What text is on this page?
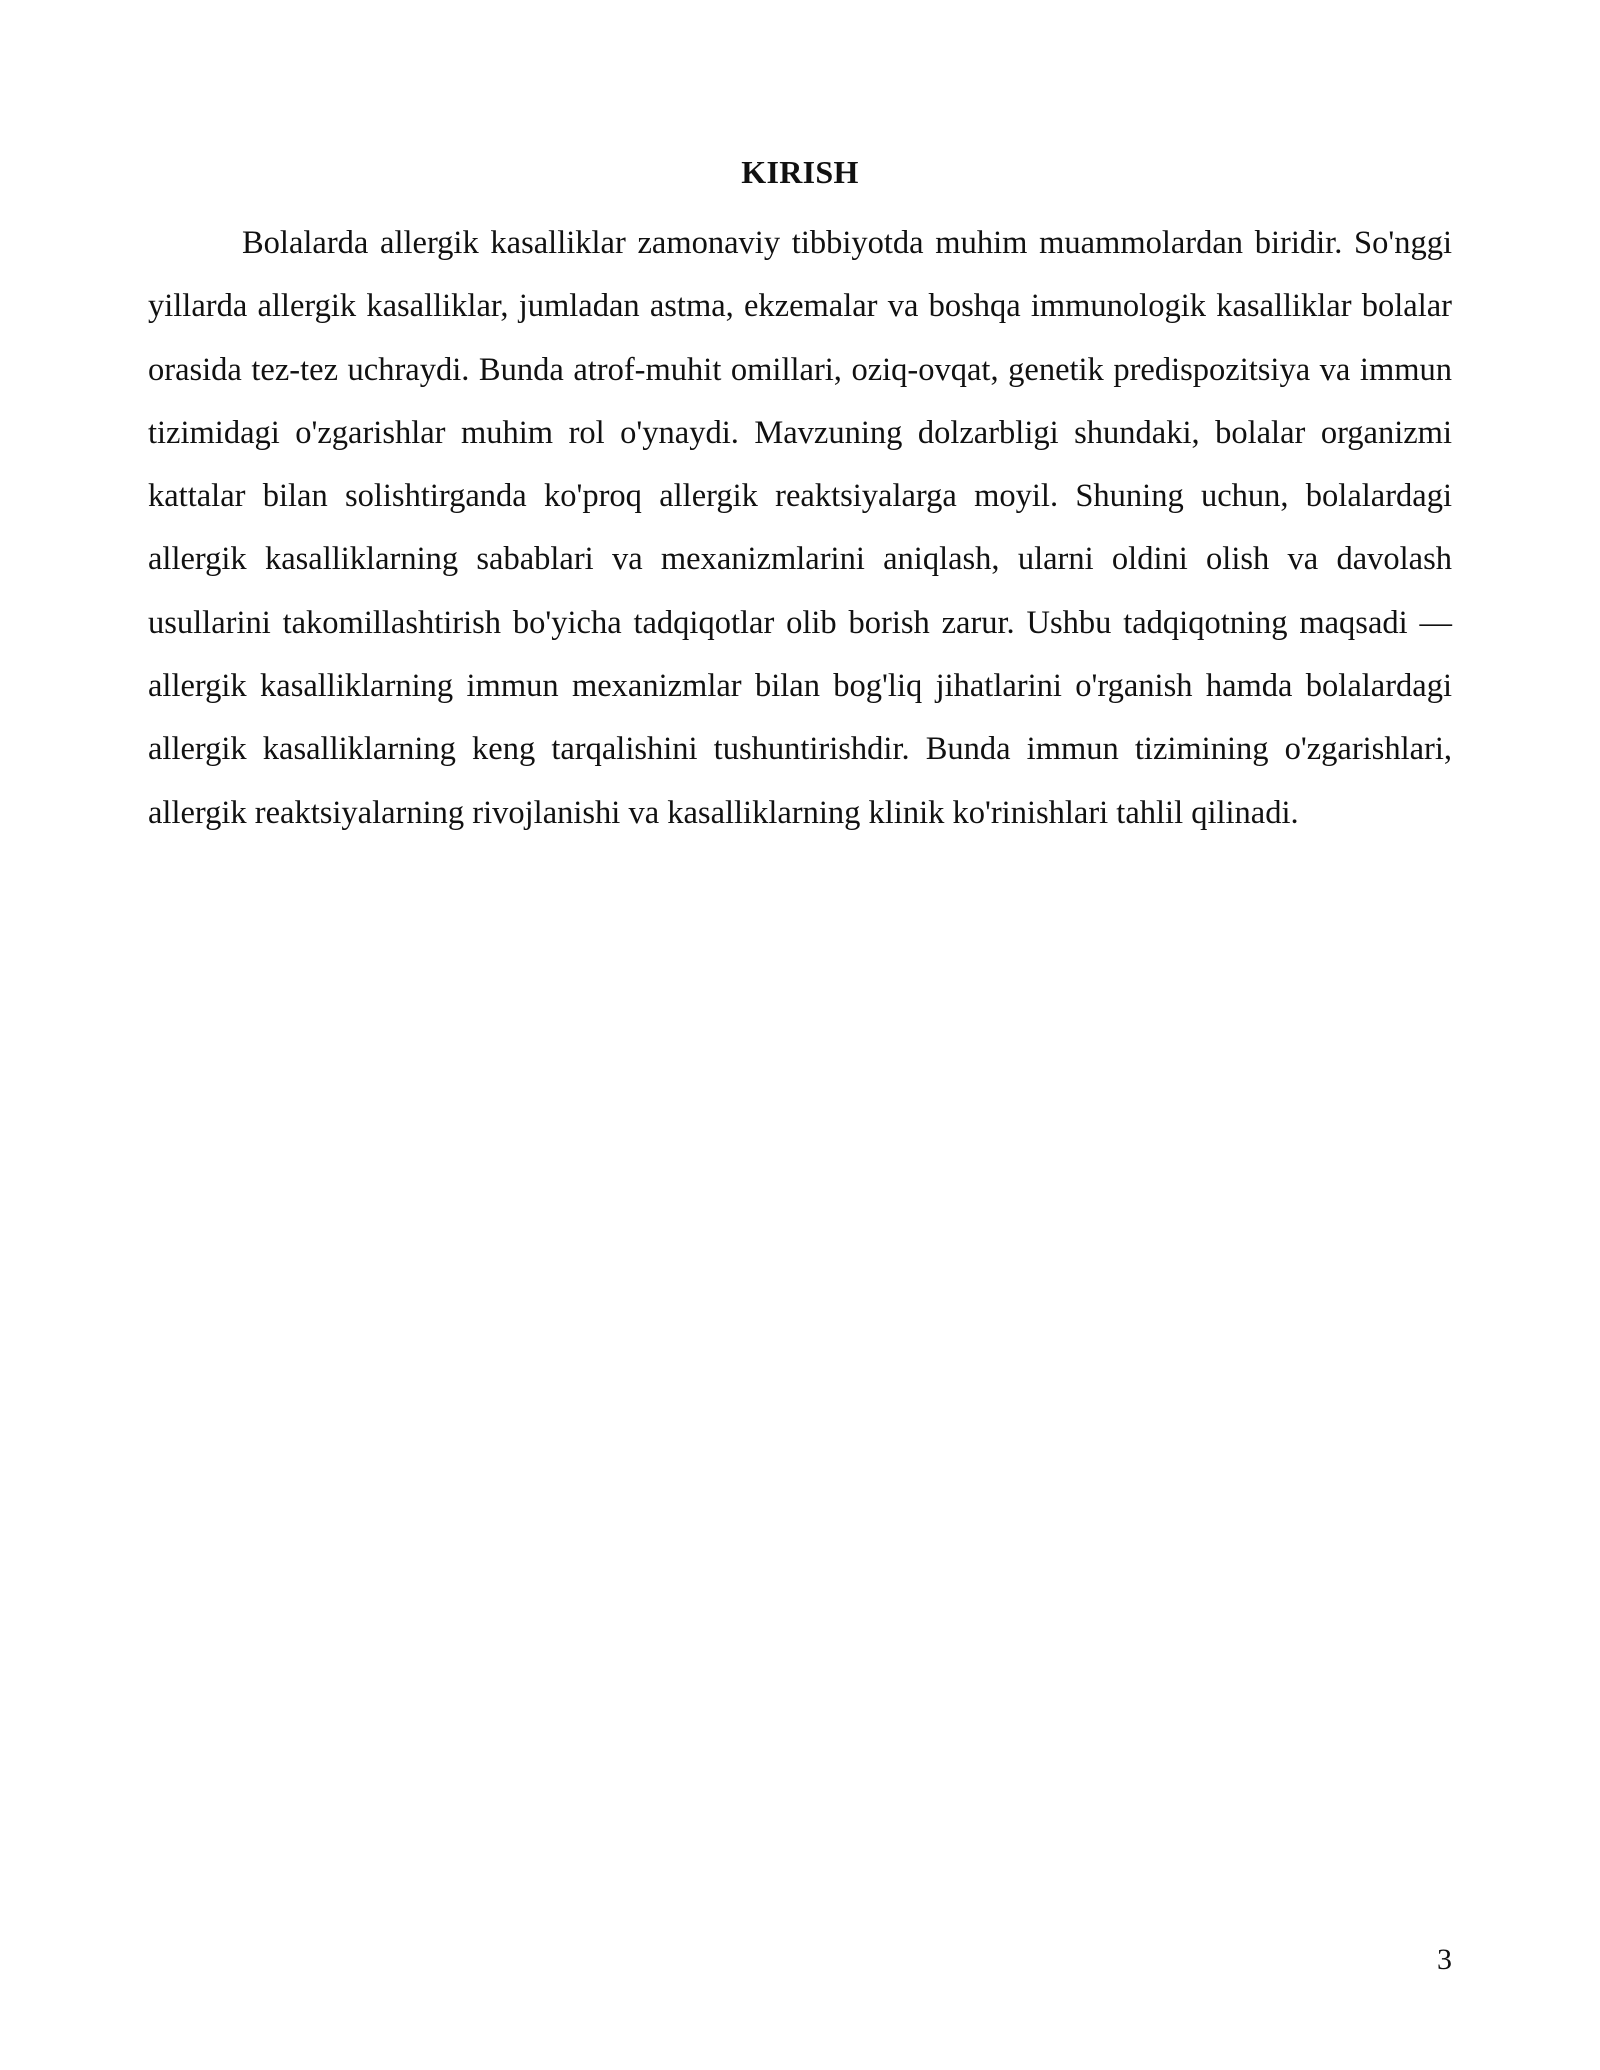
KIRISH

Bolalarda allergik kasalliklar zamonaviy tibbiyotda muhim muammolardan biridir. So'nggi yillarda allergik kasalliklar, jumladan astma, ekzemalar va boshqa immunologik kasalliklar bolalar orasida tez-tez uchraydi. Bunda atrof-muhit omillari, oziq-ovqat, genetik predispozitsiya va immun tizimidagi o'zgarishlar muhim rol o'ynaydi. Mavzuning dolzarbligi shundaki, bolalar organizmi kattalar bilan solishtirganda ko'proq allergik reaktsiyalarga moyil. Shuning uchun, bolalardagi allergik kasalliklarning sabablari va mexanizmlarini aniqlash, ularni oldini olish va davolash usullarini takomillashtirish bo'yicha tadqiqotlar olib borish zarur. Ushbu tadqiqotning maqsadi — allergik kasalliklarning immun mexanizmlar bilan bog'liq jihatlarini o'rganish hamda bolalardagi allergik kasalliklarning keng tarqalishini tushuntirishdir. Bunda immun tizimining o'zgarishlari, allergik reaktsiyalarning rivojlanishi va kasalliklarning klinik ko'rinishlari tahlil qilinadi.

3
